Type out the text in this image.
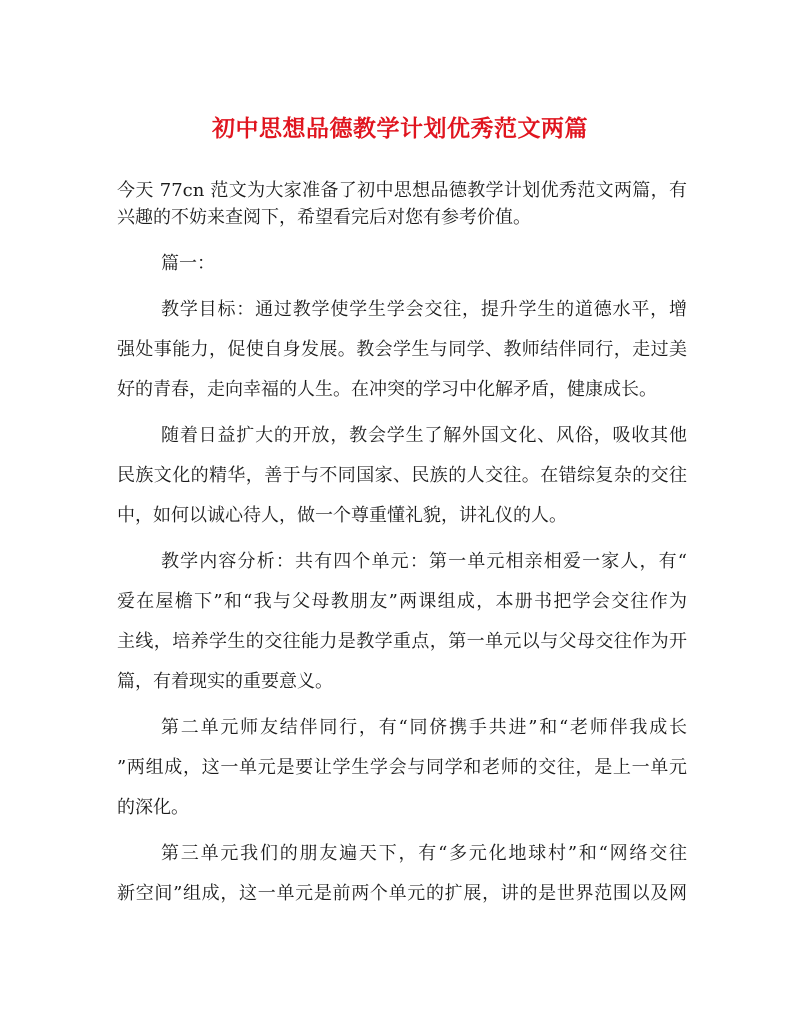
初中思想品德教学计划优秀范文两篇
今天 77cn 范文为大家准备了初中思想品德教学计划优秀范文两篇，有
兴趣的不妨来查阅下，希望看完后对您有参考价值。
篇一：
教学目标：通过教学使学生学会交往，提升学生的道德水平，增
强处事能力，促使自身发展。教会学生与同学、教师结伴同行，走过美
好的青春，走向幸福的人生。在冲突的学习中化解矛盾，健康成长。
随着日益扩大的开放，教会学生了解外国文化、风俗，吸收其他
民族文化的精华，善于与不同国家、民族的人交往。在错综复杂的交往
中，如何以诚心待人，做一个尊重懂礼貌，讲礼仪的人。
教学内容分析：共有四个单元：第一单元相亲相爱一家人，有“
爱在屋檐下”和“我与父母教朋友”两课组成，本册书把学会交往作为
主线，培养学生的交往能力是教学重点，第一单元以与父母交往作为开
篇，有着现实的重要意义。
第二单元师友结伴同行，有“同侪携手共进”和“老师伴我成长
”两组成，这一单元是要让学生学会与同学和老师的交往，是上一单元
的深化。
第三单元我们的朋友遍天下，有“多元化地球村”和“网络交往
新空间”组成，这一单元是前两个单元的扩展，讲的是世界范围以及网
